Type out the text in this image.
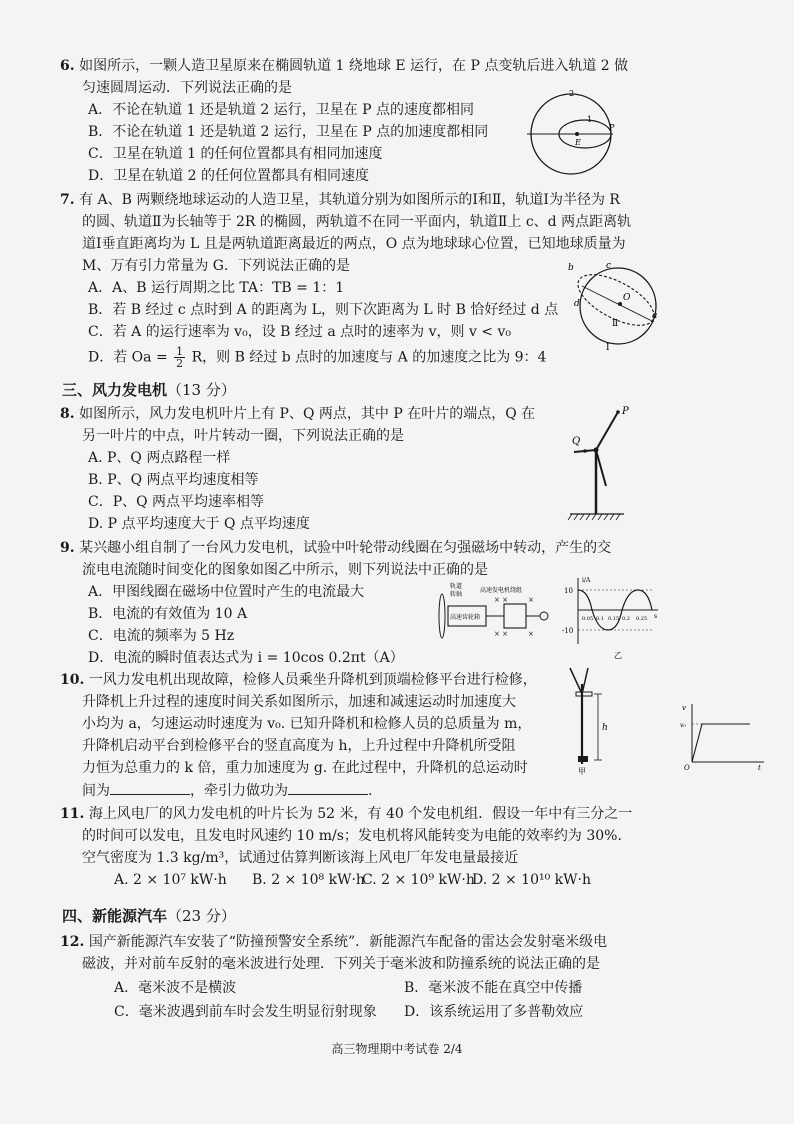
6. 如图所示，一颗人造卫星原来在椭圆轨道 1 绕地球 E 运行，在 P 点变轨后进入轨道 2 做
匀速圆周运动．下列说法正确的是
A．不论在轨道 1 还是轨道 2 运行，卫星在 P 点的速度都相同
B．不论在轨道 1 还是轨道 2 运行，卫星在 P 点的加速度都相同
C．卫星在轨道 1 的任何位置都具有相同加速度
D．卫星在轨道 2 的任何位置都具有相同速度
2
1
P
E
7. 有 A、B 两颗绕地球运动的人造卫星，其轨道分别为如图所示的Ⅰ和Ⅱ，轨道Ⅰ为半径为 R
的圆、轨道Ⅱ为长轴等于 2R 的椭圆，两轨道不在同一平面内，轨道Ⅱ上 c、d 两点距离轨
道Ⅰ垂直距离均为 L 且是两轨道距离最近的两点，O 点为地球球心位置，已知地球质量为
M、万有引力常量为 G．下列说法正确的是
A．A、B 运行周期之比 TA：TB = 1：1
B．若 B 经过 c 点时到 A 的距离为 L，则下次距离为 L 时 B 恰好经过 d 点
C．若 A 的运行速率为 v₀，设 B 经过 a 点时的速率为 v，则 v < v₀
D．若 $Oa = \frac{1}{2}$ R，则 B 经过 b 点时的加速度与 A 的加速度之比为 9：4
b	c
d
O
a
Ⅱ
Ⅰ
三、风力发电机（13 分）
8. 如图所示，风力发电机叶片上有 P、Q 两点，其中 P 在叶片的端点，Q 在
另一叶片的中点，叶片转动一圈，下列说法正确的是
A. P、Q 两点路程一样
B. P、Q 两点平均速度相等
C．P、Q 两点平均速率相等
D. P 点平均速度大于 Q 点平均速度
P
Q
9. 某兴趣小组自制了一台风力发电机，试验中叶轮带动线圈在匀强磁场中转动，产生的交
流电电流随时间变化的图象如图乙中所示，则下列说法中正确的是
A．甲图线圈在磁场中位置时产生的电流最大
B．电流的有效值为 10 A
C．电流的频率为 5 Hz
D．电流的瞬时值表达式为 i = 10cos 0.2πt（A）
轨道
转轴
高速发电机绕组
高速齿轮箱
× ×
× ×
×
×
i/A
10
-10
0.05 0.1 0.15 0.2 0.25 s
乙
10. 一风力发电机出现故障，检修人员乘坐升降机到顶端检修平台进行检修，
升降机上升过程的速度时间关系如图所示，加速和减速运动时加速度大
小均为 a，匀速运动时速度为 v₀. 已知升降机和检修人员的总质量为 m，
升降机启动平台到检修平台的竖直高度为 h，上升过程中升降机所受阻
力恒为总重力的 k 倍，重力加速度为 g. 在此过程中，升降机的总运动时
间为	，牵引力做功为	.
h
甲
v
v₀
O	t
11. 海上风电厂的风力发电机的叶片长为 52 米，有 40 个发电机组．假设一年中有三分之一
的时间可以发电，且发电时风速约 10 m/s；发电机将风能转变为电能的效率约为 30%．
空气密度为 1.3 kg/m³，试通过估算判断该海上风电厂年发电量最接近
A. 2 × 10⁷ kW·h B. 2 × 10⁸ kW·h
C. 2 × 10⁹ kW·h
D. 2 × 10¹⁰ kW·h
四、新能源汽车（23 分）
12. 国产新能源汽车安装了“防撞预警安全系统”．新能源汽车配备的雷达会发射毫米级电
磁波，并对前车反射的毫米波进行处理．下列关于毫米波和防撞系统的说法正确的是
A．毫米波不是横波	B．毫米波不能在真空中传播
C．毫米波遇到前车时会发生明显衍射现象 D．该系统运用了多普勒效应
高三物理期中考试卷 2/4
